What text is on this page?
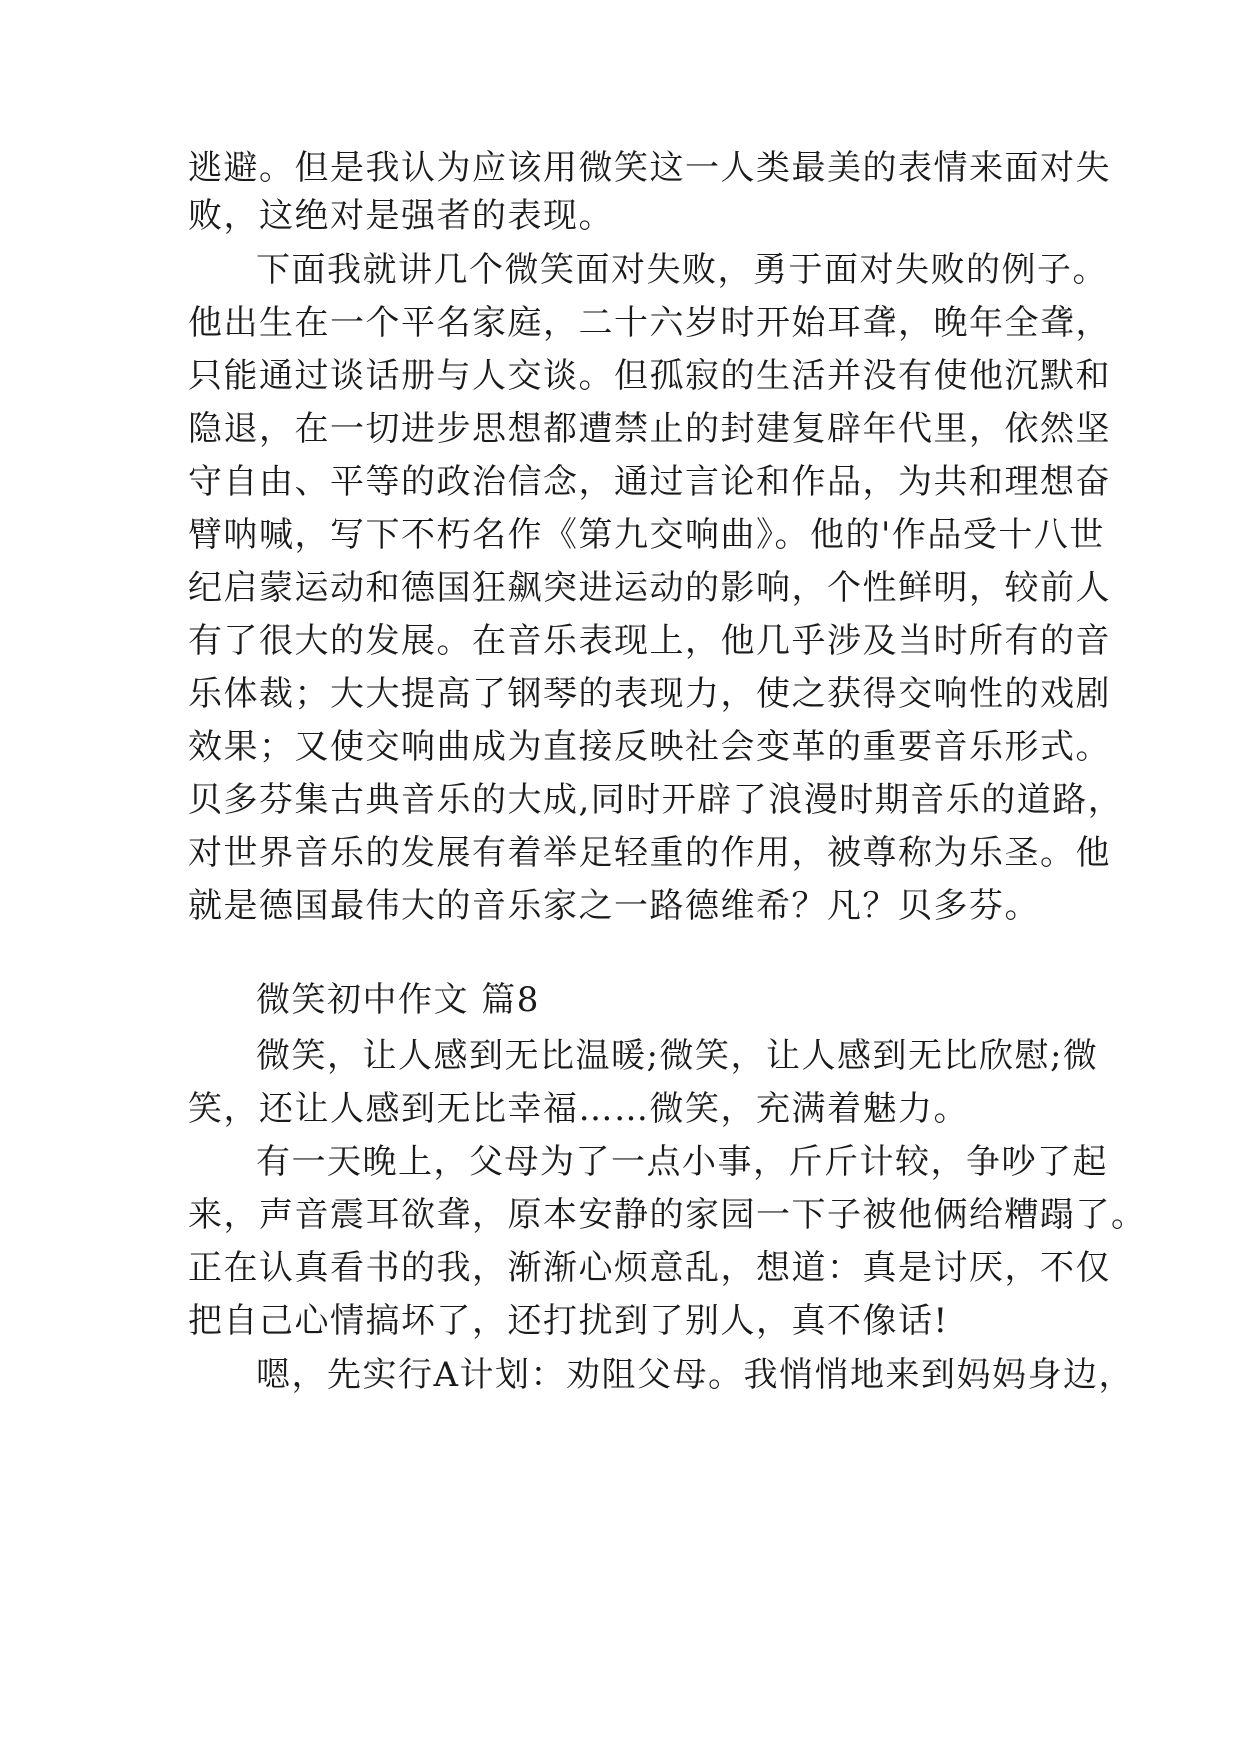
逃避。但是我认为应该用微笑这一人类最美的表情来面对失
败，这绝对是强者的表现。
下面我就讲几个微笑面对失败，勇于面对失败的例子。
他出生在一个平名家庭，二十六岁时开始耳聋，晚年全聋，
只能通过谈话册与人交谈。但孤寂的生活并没有使他沉默和
隐退，在一切进步思想都遭禁止的封建复辟年代里，依然坚
守自由、平等的政治信念，通过言论和作品，为共和理想奋
臂呐喊，写下不朽名作《第九交响曲》。他的'作品受十八世
纪启蒙运动和德国狂飙突进运动的影响，个性鲜明，较前人
有了很大的发展。在音乐表现上，他几乎涉及当时所有的音
乐体裁；大大提高了钢琴的表现力，使之获得交响性的戏剧
效果；又使交响曲成为直接反映社会变革的重要音乐形式。
贝多芬集古典音乐的大成,同时开辟了浪漫时期音乐的道路，
对世界音乐的发展有着举足轻重的作用，被尊称为乐圣。他
就是德国最伟大的音乐家之一路德维希？凡？贝多芬。
微笑初中作文 篇8
微笑，让人感到无比温暖;微笑，让人感到无比欣慰;微
笑，还让人感到无比幸福……微笑，充满着魅力。
有一天晚上，父母为了一点小事，斤斤计较，争吵了起
来，声音震耳欲聋，原本安静的家园一下子被他俩给糟蹋了。
正在认真看书的我，渐渐心烦意乱，想道：真是讨厌，不仅
把自己心情搞坏了，还打扰到了别人，真不像话!
嗯，先实行A计划：劝阻父母。我悄悄地来到妈妈身边，
